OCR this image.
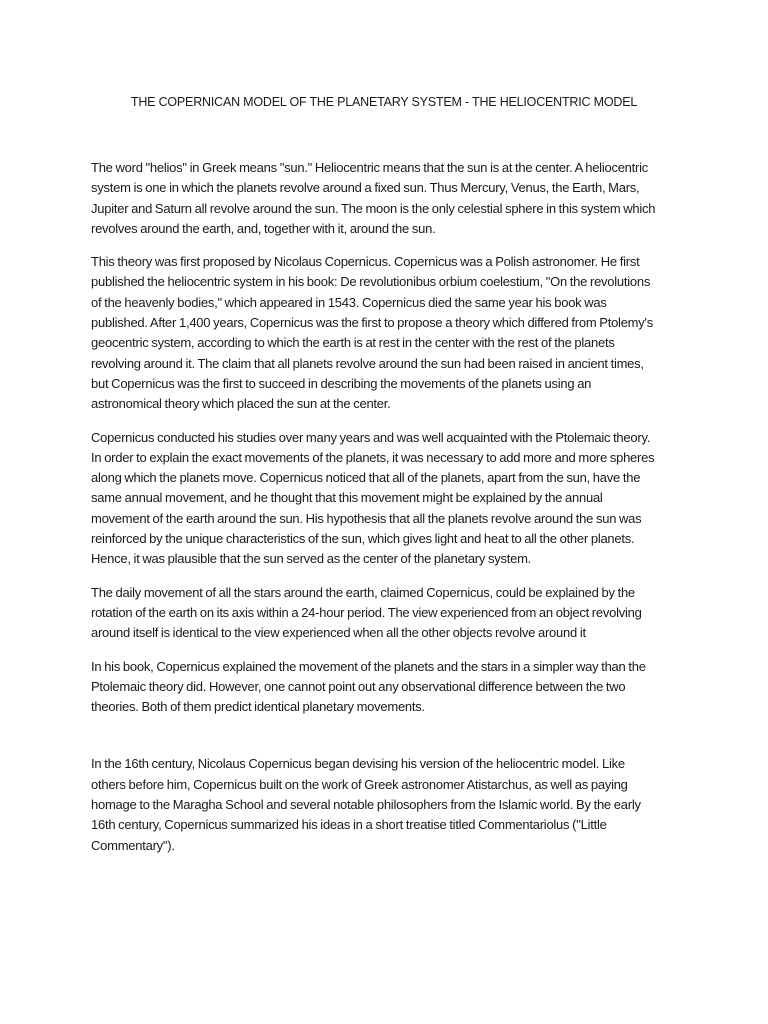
THE COPERNICAN MODEL OF THE PLANETARY SYSTEM - THE HELIOCENTRIC MODEL

The word "helios" in Greek means "sun." Heliocentric means that the sun is at the center. A heliocentric
system is one in which the planets revolve around a fixed sun. Thus Mercury, Venus, the Earth, Mars,
Jupiter and Saturn all revolve around the sun. The moon is the only celestial sphere in this system which
revolves around the earth, and, together with it, around the sun.

This theory was first proposed by Nicolaus Copernicus. Copernicus was a Polish astronomer. He first
published the heliocentric system in his book: De revolutionibus orbium coelestium, "On the revolutions
of the heavenly bodies," which appeared in 1543. Copernicus died the same year his book was
published. After 1,400 years, Copernicus was the first to propose a theory which differed from Ptolemy's
geocentric system, according to which the earth is at rest in the center with the rest of the planets
revolving around it. The claim that all planets revolve around the sun had been raised in ancient times,
but Copernicus was the first to succeed in describing the movements of the planets using an
astronomical theory which placed the sun at the center.

Copernicus conducted his studies over many years and was well acquainted with the Ptolemaic theory.
In order to explain the exact movements of the planets, it was necessary to add more and more spheres
along which the planets move. Copernicus noticed that all of the planets, apart from the sun, have the
same annual movement, and he thought that this movement might be explained by the annual
movement of the earth around the sun. His hypothesis that all the planets revolve around the sun was
reinforced by the unique characteristics of the sun, which gives light and heat to all the other planets.
Hence, it was plausible that the sun served as the center of the planetary system.

The daily movement of all the stars around the earth, claimed Copernicus, could be explained by the
rotation of the earth on its axis within a 24-hour period. The view experienced from an object revolving
around itself is identical to the view experienced when all the other objects revolve around it

In his book, Copernicus explained the movement of the planets and the stars in a simpler way than the
Ptolemaic theory did. However, one cannot point out any observational difference between the two
theories. Both of them predict identical planetary movements.

In the 16th century, Nicolaus Copernicus began devising his version of the heliocentric model. Like
others before him, Copernicus built on the work of Greek astronomer Atistarchus, as well as paying
homage to the Maragha School and several notable philosophers from the Islamic world. By the early
16th century, Copernicus summarized his ideas in a short treatise titled Commentariolus ("Little
Commentary").
